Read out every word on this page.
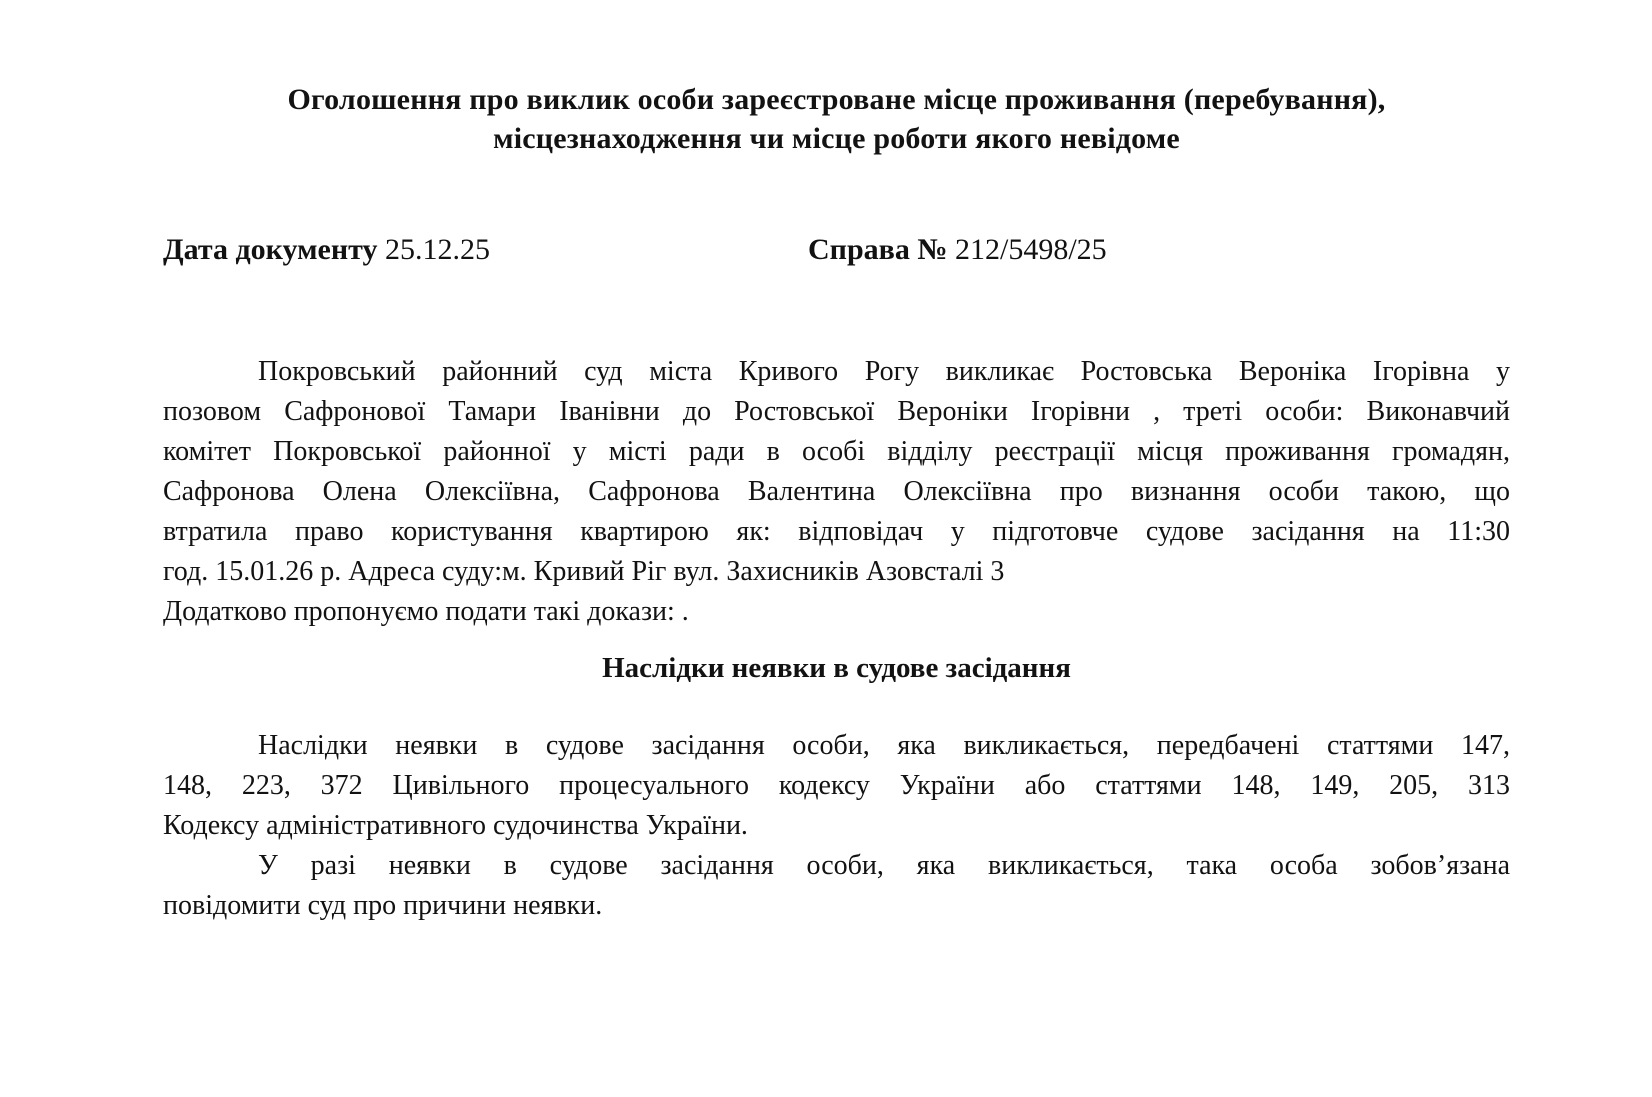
Оголошення про виклик особи зареєстроване місце проживання (перебування),
місцезнаходження чи місце роботи якого невідоме
Дата документу 25.12.25	Справа № 212/5498/25
Покровський районний суд міста Кривого Рогу викликає Ростовська Вероніка Ігорівна у
позовом Сафронової Тамари Іванівни до Ростовської Вероніки Ігорівни , треті особи: Виконавчий
комітет Покровської районної у місті ради в особі відділу реєстрації місця проживання громадян,
Сафронова Олена Олексіївна, Сафронова Валентина Олексіївна про визнання особи такою, що
втратила право користування квартирою як: відповідач у підготовче судове засідання на 11:30
год. 15.01.26 р. Адреса суду:м. Кривий Ріг вул. Захисників Азовсталі 3
Додатково пропонуємо подати такі докази: .
Наслідки неявки в судове засідання
Наслідки неявки в судове засідання особи, яка викликається, передбачені статтями 147,
148, 223, 372 Цивільного процесуального кодексу України або статтями 148, 149, 205, 313
Кодексу адміністративного судочинства України.
У разі неявки в судове засідання особи, яка викликається, така особа зобов’язана
повідомити суд про причини неявки.
